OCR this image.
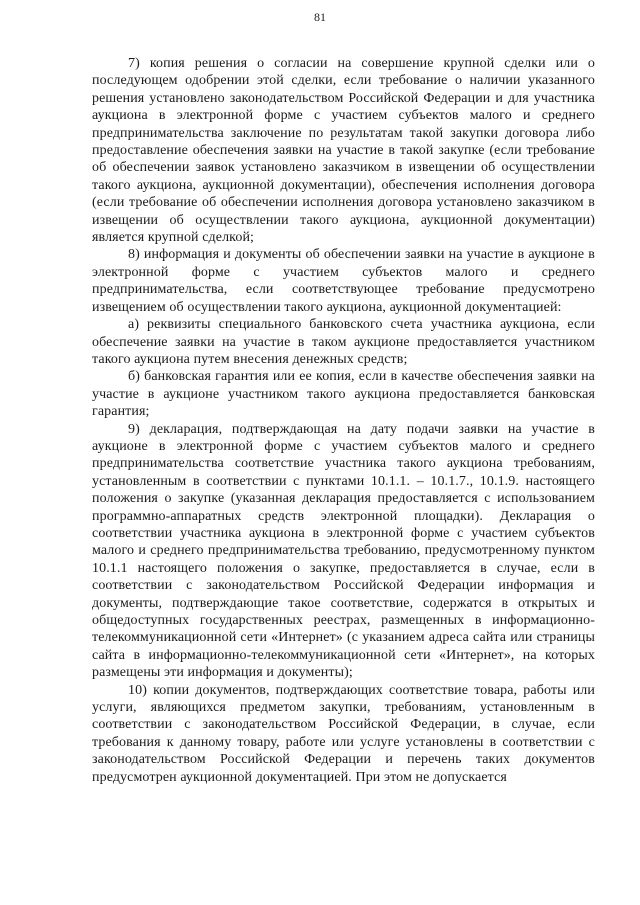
81

7) копия решения о согласии на совершение крупной сделки или о последующем одобрении этой сделки, если требование о наличии указанного решения установлено законодательством Российской Федерации и для участника аукциона в электронной форме с участием субъектов малого и среднего предпринимательства заключение по результатам такой закупки договора либо предоставление обеспечения заявки на участие в такой закупке (если требование об обеспечении заявок установлено заказчиком в извещении об осуществлении такого аукциона, аукционной документации), обеспечения исполнения договора (если требование об обеспечении исполнения договора установлено заказчиком в извещении об осуществлении такого аукциона, аукционной документации) является крупной сделкой;

8) информация и документы об обеспечении заявки на участие в аукционе в электронной форме с участием субъектов малого и среднего предпринимательства, если соответствующее требование предусмотрено извещением об осуществлении такого аукциона, аукционной документацией:

а) реквизиты специального банковского счета участника аукциона, если обеспечение заявки на участие в таком аукционе предоставляется участником такого аукциона путем внесения денежных средств;

б) банковская гарантия или ее копия, если в качестве обеспечения заявки на участие в аукционе участником такого аукциона предоставляется банковская гарантия;

9) декларация, подтверждающая на дату подачи заявки на участие в аукционе в электронной форме с участием субъектов малого и среднего предпринимательства соответствие участника такого аукциона требованиям, установленным в соответствии с пунктами 10.1.1. – 10.1.7., 10.1.9. настоящего положения о закупке (указанная декларация предоставляется с использованием программно-аппаратных средств электронной площадки). Декларация о соответствии участника аукциона в электронной форме с участием субъектов малого и среднего предпринимательства требованию, предусмотренному пунктом 10.1.1 настоящего положения о закупке, предоставляется в случае, если в соответствии с законодательством Российской Федерации информация и документы, подтверждающие такое соответствие, содержатся в открытых и общедоступных государственных реестрах, размещенных в информационно-телекоммуникационной сети «Интернет» (с указанием адреса сайта или страницы сайта в информационно-телекоммуникационной сети «Интернет», на которых размещены эти информация и документы);

10) копии документов, подтверждающих соответствие товара, работы или услуги, являющихся предметом закупки, требованиям, установленным в соответствии с законодательством Российской Федерации, в случае, если требования к данному товару, работе или услуге установлены в соответствии с законодательством Российской Федерации и перечень таких документов предусмотрен аукционной документацией. При этом не допускается
